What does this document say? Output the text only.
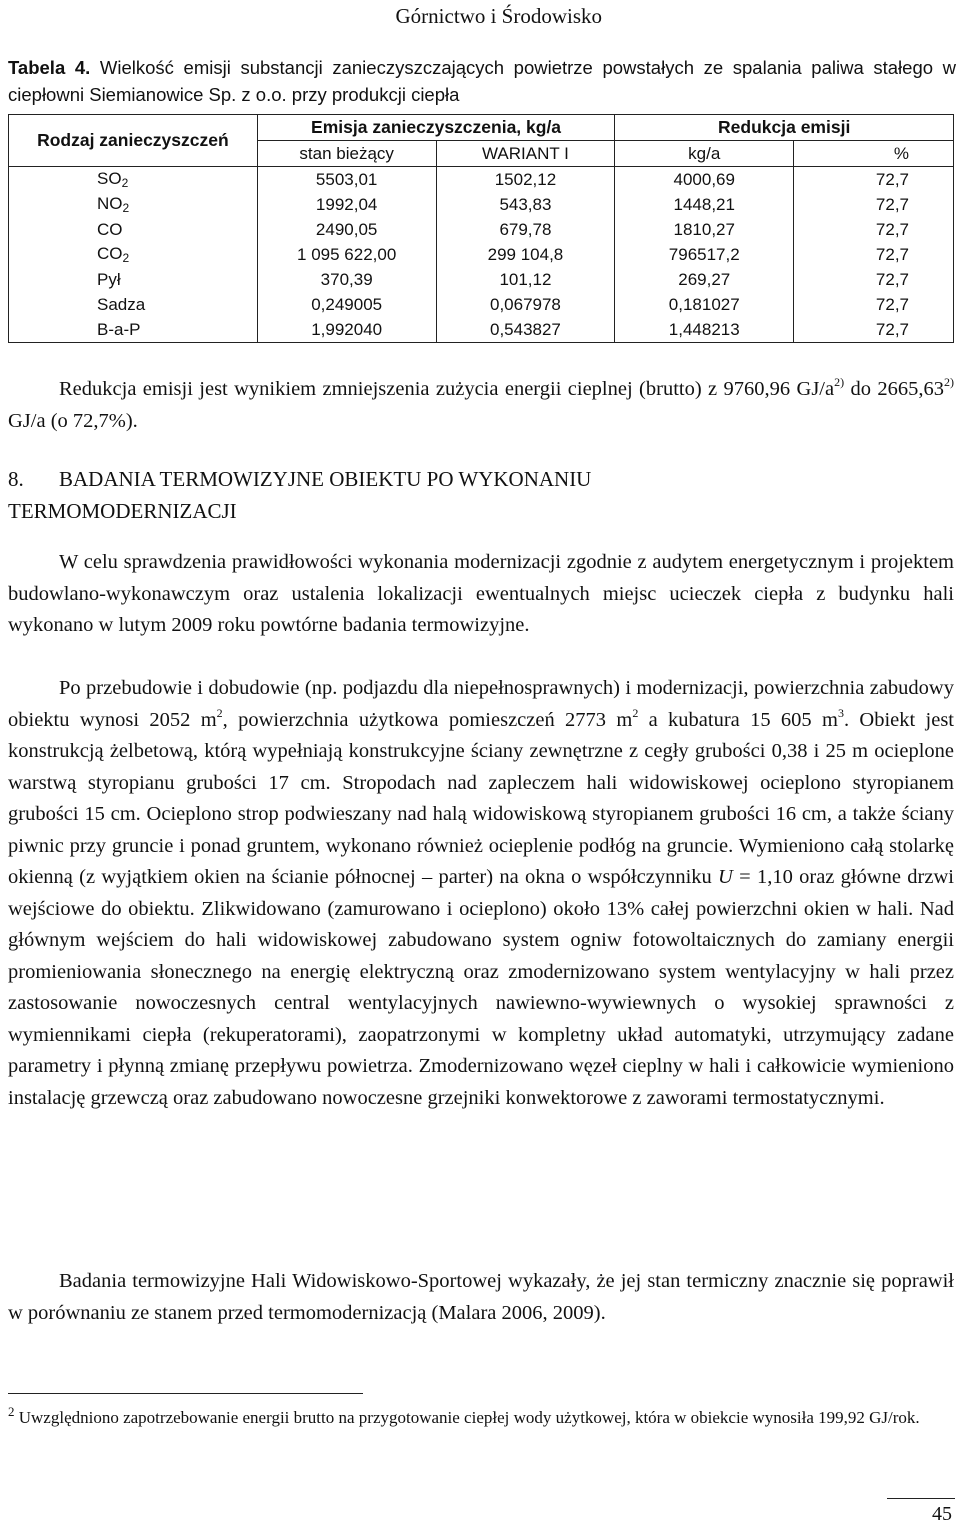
Górnictwo i Środowisko
Tabela 4. Wielkość emisji substancji zanieczyszczających powietrze powstałych ze spalania paliwa stałego w ciepłowni Siemianowice Sp. z o.o. przy produkcji ciepła
Rodzaj zanieczyszczeń	Emisja zanieczyszczenia, kg/a		Redukcja emisji	
	stan bieżący	WARIANT I	kg/a	%
$SO_2$	5503,01	1502,12	4000,69	72,7
$NO_2$	1992,04	543,83	1448,21	72,7
CO	2490,05	679,78	1810,27	72,7
$CO_2$	1 095 622,00	299 104,8	796517,2	72,7
Pył	370,39	101,12	269,27	72,7
Sadza	0,249005	0,067978	0,181027	72,7
B-a-P	1,992040	0,543827	1,448213	72,7
Redukcja emisji jest wynikiem zmniejszenia zużycia energii cieplnej (brutto) z 9760,96 GJ/a$^{2)}$ do 2665,63$^{2)}$ GJ/a (o 72,7%).
8. BADANIA TERMOWIZYJNE OBIEKTU PO WYKONANIU
TERMOMODERNIZACJI
W celu sprawdzenia prawidłowości wykonania modernizacji zgodnie z audytem energetycznym i projektem budowlano-wykonawczym oraz ustalenia lokalizacji ewentualnych miejsc ucieczek ciepła z budynku hali wykonano w lutym 2009 roku powtórne badania termowizyjne.
Po przebudowie i dobudowie (np. podjazdu dla niepełnosprawnych) i modernizacji, powierzchnia zabudowy obiektu wynosi 2052 m$^2$, powierzchnia użytkowa pomieszczeń 2773 m$^2$ a kubatura 15 605 m$^3$. Obiekt jest konstrukcją żelbetową, którą wypełniają konstrukcyjne ściany zewnętrzne z cegły grubości 0,38 i 25 m ocieplone warstwą styropianu grubości 17 cm. Stropodach nad zapleczem hali widowiskowej ocieplono styropianem grubości 15 cm. Ocieplono strop podwieszany nad halą widowiskową styropianem grubości 16 cm, a także ściany piwnic przy gruncie i ponad gruntem, wykonano również ocieplenie podłóg na gruncie. Wymieniono całą stolarkę okienną (z wyjątkiem okien na ścianie północnej – parter) na okna o współczynniku U = 1,10 oraz główne drzwi wejściowe do obiektu. Zlikwidowano (zamurowano i ocieplono) około 13% całej powierzchni okien w hali. Nad głównym wejściem do hali widowiskowej zabudowano system ogniw fotowoltaicznych do zamiany energii promieniowania słonecznego na energię elektryczną oraz zmodernizowano system wentylacyjny w hali przez zastosowanie nowoczesnych central wentylacyjnych nawiewno-wywiewnych o wysokiej sprawności z wymiennikami ciepła (rekuperatorami), zaopatrzonymi w kompletny układ automatyki, utrzymujący zadane parametry i płynną zmianę przepływu powietrza. Zmodernizowano węzeł cieplny w hali i całkowicie wymieniono instalację grzewczą oraz zabudowano nowoczesne grzejniki konwektorowe z zaworami termostatycznymi.
Badania termowizyjne Hali Widowiskowo-Sportowej wykazały, że jej stan termiczny znacznie się poprawił w porównaniu ze stanem przed termomodernizacją (Malara 2006, 2009).
$^2$ Uwzględniono zapotrzebowanie energii brutto na przygotowanie ciepłej wody użytkowej, która w obiekcie wynosiła 199,92 GJ/rok.
45
